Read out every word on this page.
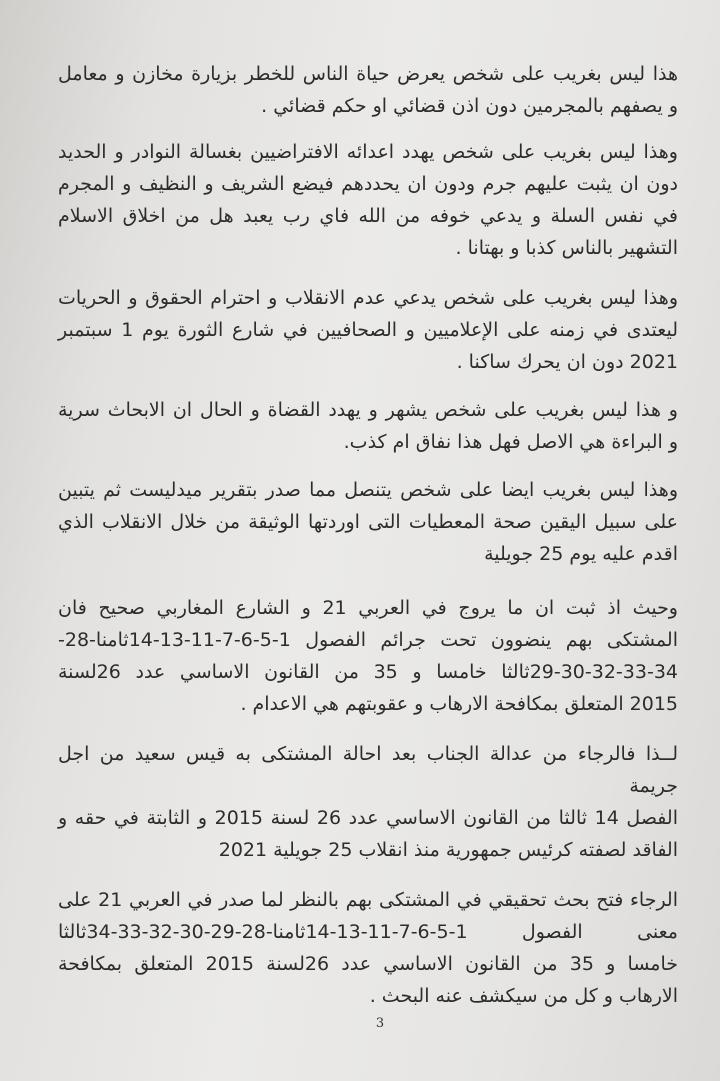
هذا ليس بغريب على شخص يعرض حياة الناس للخطر بزيارة مخازن و معامل
و يصفهم بالمجرمين دون اذن قضائي او حكم قضائي .

وهذا ليس بغريب على شخص يهدد اعدائه الافتراضيين بغسالة النوادر و الحديد
دون ان يثبت عليهم جرم ودون ان يحددهم فيضع الشريف و النظيف و المجرم
في نفس السلة و يدعي خوفه من الله فاي رب يعبد هل من اخلاق الاسلام
التشهير بالناس كذبا و بهتانا .

وهذا ليس بغريب على شخص يدعي عدم الانقلاب و احترام الحقوق و الحريات
ليعتدى في زمنه على الإعلاميين و الصحافيين في شارع الثورة يوم 1 سبتمبر
2021 دون ان يحرك ساكنا .

و هذا ليس بغريب على شخص يشهر و يهدد القضاة و الحال ان الابحاث سرية
و البراءة هي الاصل فهل هذا نفاق ام كذب.

وهذا ليس بغريب ايضا على شخص يتنصل مما صدر بتقرير ميدليست ثم يتبين
على سبيل اليقين صحة المعطيات التى اوردتها الوثيقة من خلال الانقلاب الذي
اقدم عليه يوم 25 جويلية

وحيث اذ ثبت ان ما يروج في العربي 21 و الشارع المغاربي صحيح فان
المشتكى بهم ينضوون تحت جرائم الفصول 1-5-6-7-11-13-14ثامنا-28-
29-30-32-33-34ثالثا خامسا و 35 من القانون الاساسي عدد 26لسنة
2015 المتعلق بمكافحة الارهاب و عقوبتهم هي الاعدام .

لــذا فالرجاء من عدالة الجناب بعد احالة المشتكى به قيس سعيد من اجل جريمة
الفصل 14 ثالثا من القانون الاساسي عدد 26 لسنة 2015 و الثابتة في حقه و
الفاقد لصفته كرئيس جمهورية منذ انقلاب 25 جويلية 2021

الرجاء فتح بحث تحقيقي في المشتكى بهم بالنظر لما صدر في العربي 21 على
معنى الفصول 1-5-6-7-11-13-14ثامنا-28-29-30-32-33-34ثالثا
خامسا و 35 من القانون الاساسي عدد 26لسنة 2015 المتعلق بمكافحة
الارهاب و كل من سيكشف عنه البحث .

3
